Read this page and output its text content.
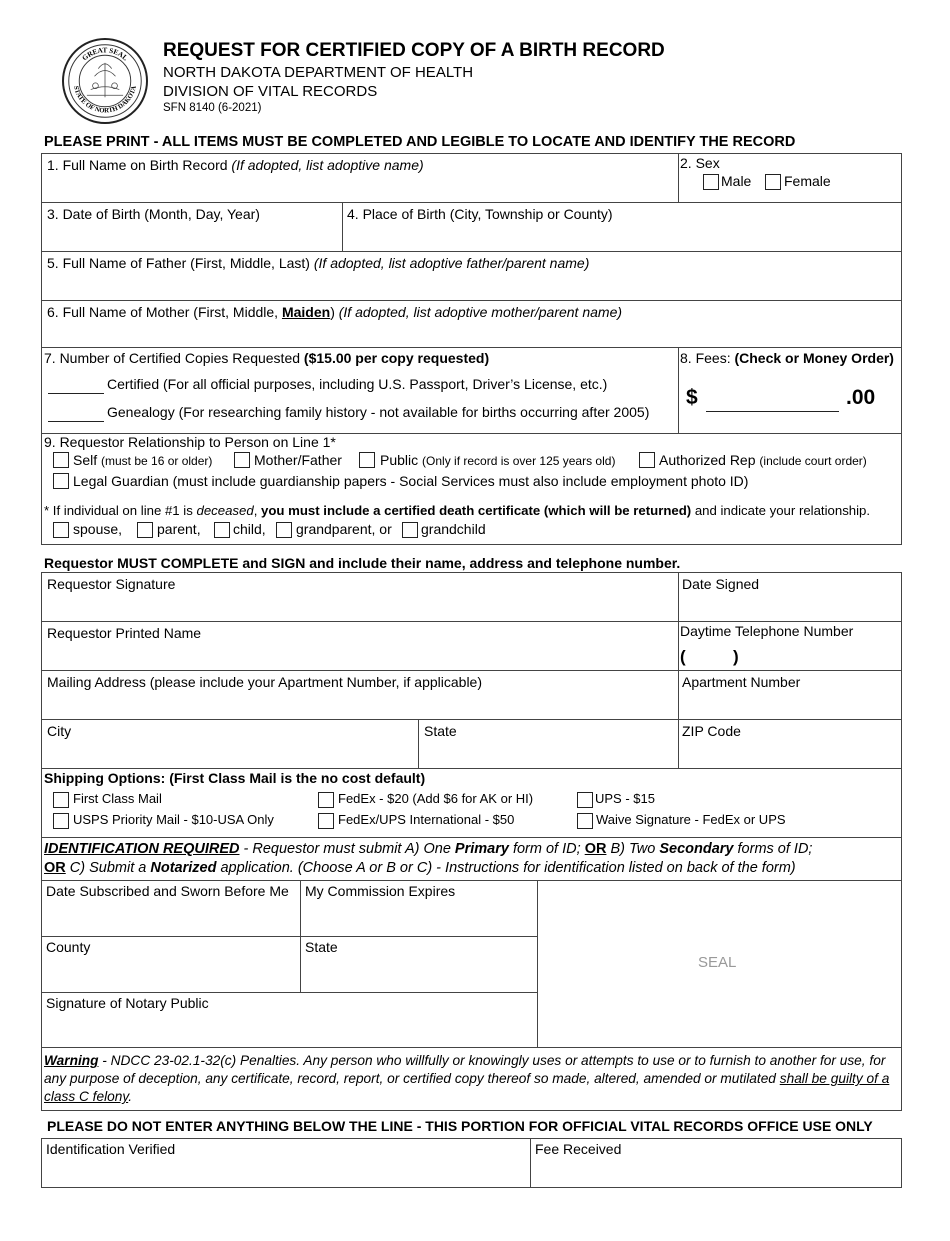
GREAT SEAL
STATE OF NORTH DAKOTA
REQUEST FOR CERTIFIED COPY OF A BIRTH RECORD
NORTH DAKOTA DEPARTMENT OF HEALTH
DIVISION OF VITAL RECORDS
SFN 8140 (6-2021)
PLEASE PRINT - ALL ITEMS MUST BE COMPLETED AND LEGIBLE TO LOCATE AND IDENTIFY THE RECORD
1. Full Name on Birth Record (If adopted, list adoptive name)	2. Sex
Male Female
3. Date of Birth (Month, Day, Year)	4. Place of Birth (City, Township or County)
5. Full Name of Father (First, Middle, Last) (If adopted, list adoptive father/parent name)
6. Full Name of Mother (First, Middle, Maiden) (If adopted, list adoptive mother/parent name)
7. Number of Certified Copies Requested ($15.00 per copy requested)
Certified (For all official purposes, including U.S. Passport, Driver’s License, etc.)
Genealogy (For researching family history - not available for births occurring after 2005)
8. Fees: (Check or Money Order)
$	.00
9. Requestor Relationship to Person on Line 1*
Self (must be 16 or older)	Mother/Father	Public (Only if record is over 125 years old)	Authorized Rep (include court order)
Legal Guardian (must include guardianship papers - Social Services must also include employment photo ID)
* If individual on line #1 is deceased, you must include a certified death certificate (which will be returned) and indicate your relationship.
spouse, parent, child, grandparent, or grandchild
Requestor MUST COMPLETE and SIGN and include their name, address and telephone number.
Requestor Signature	Date Signed
Requestor Printed Name	Daytime Telephone Number
(	)
Mailing Address (please include your Apartment Number, if applicable)	Apartment Number
City	State	ZIP Code
Shipping Options: (First Class Mail is the no cost default)
First Class Mail	FedEx - $20 (Add $6 for AK or HI)	UPS - $15
USPS Priority Mail - $10-USA Only	FedEx/UPS International - $50	Waive Signature - FedEx or UPS
IDENTIFICATION REQUIRED - Requestor must submit A) One Primary form of ID; OR B) Two Secondary forms of ID;
OR C) Submit a Notarized application. (Choose A or B or C) - Instructions for identification listed on back of the form)
Date Subscribed and Sworn Before Me My Commission Expires
County	State
Signature of Notary Public
SEAL
Warning - NDCC 23-02.1-32(c) Penalties. Any person who willfully or knowingly uses or attempts to use or to furnish to another for use, for any purpose of deception, any certificate, record, report, or certified copy thereof so made, altered, amended or mutilated shall be guilty of a class C felony.
PLEASE DO NOT ENTER ANYTHING BELOW THE LINE - THIS PORTION FOR OFFICIAL VITAL RECORDS OFFICE USE ONLY
Identification Verified	Fee Received
